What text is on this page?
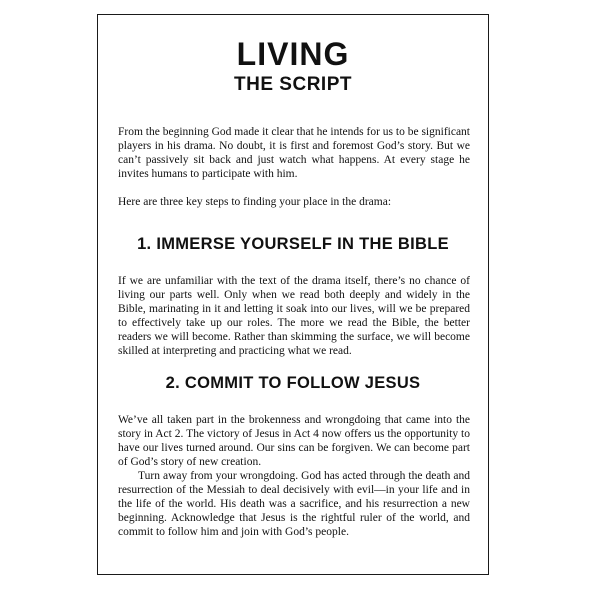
LIVING
THE SCRIPT

From the beginning God made it clear that he intends for us to be significant players in his drama. No doubt, it is first and foremost God’s story. But we can’t passively sit back and just watch what happens. At every stage he invites humans to participate with him.

Here are three key steps to finding your place in the drama:

1. IMMERSE YOURSELF IN THE BIBLE

If we are unfamiliar with the text of the drama itself, there’s no chance of living our parts well. Only when we read both deeply and widely in the Bible, marinating in it and letting it soak into our lives, will we be prepared to effectively take up our roles. The more we read the Bible, the better readers we will become. Rather than skimming the surface, we will become skilled at interpreting and practicing what we read.

2. COMMIT TO FOLLOW JESUS

We’ve all taken part in the brokenness and wrongdoing that came into the story in Act 2. The victory of Jesus in Act 4 now offers us the opportunity to have our lives turned around. Our sins can be forgiven. We can become part of God’s story of new creation.

Turn away from your wrongdoing. God has acted through the death and resurrection of the Messiah to deal decisively with evil—in your life and in the life of the world. His death was a sacrifice, and his resurrection a new beginning. Acknowledge that Jesus is the rightful ruler of the world, and commit to follow him and join with God’s people.
